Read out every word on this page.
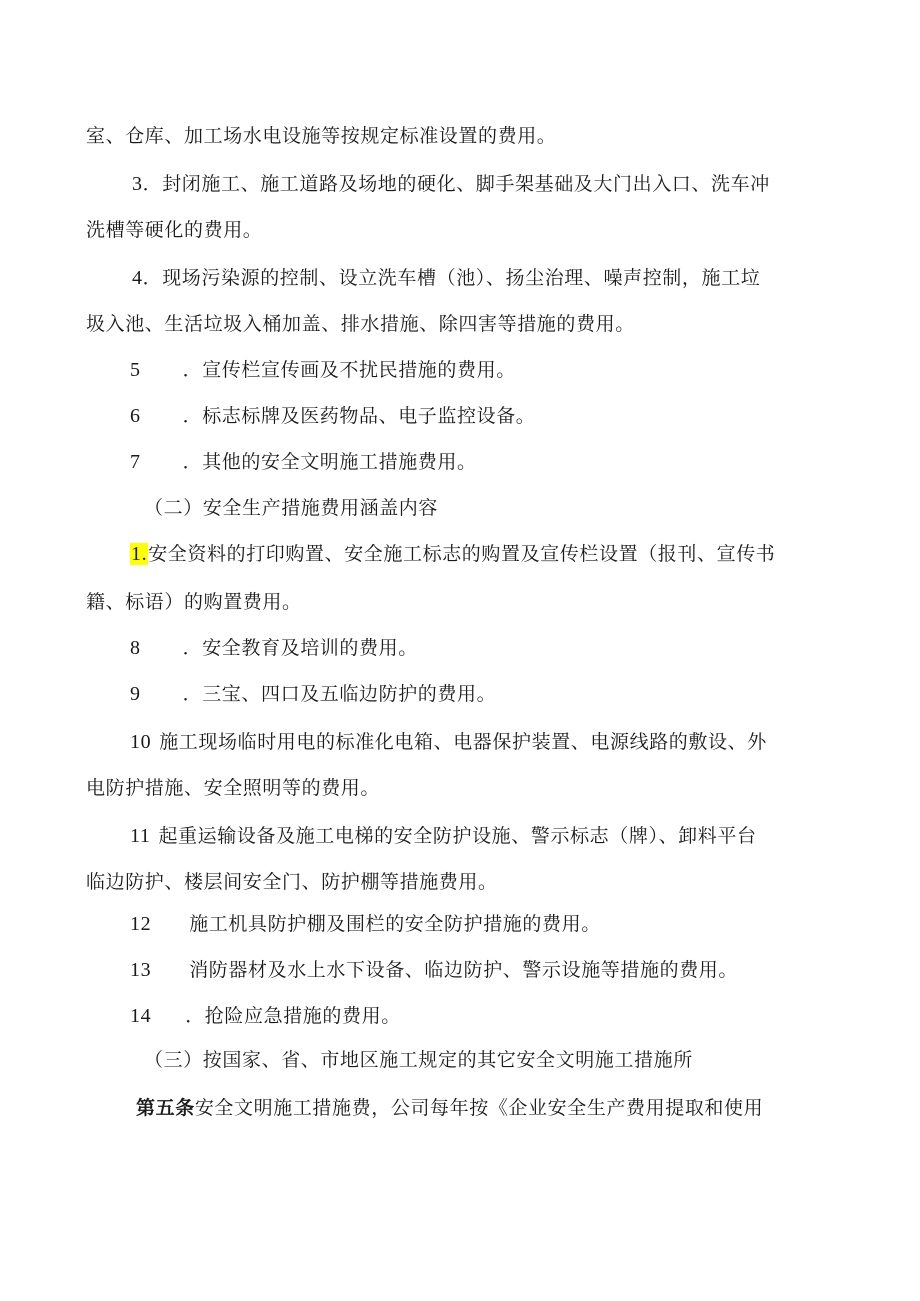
室、仓库、加工场水电设施等按规定标准设置的费用。
3．封闭施工、施工道路及场地的硬化、脚手架基础及大门出入口、洗车冲
洗槽等硬化的费用。
4．现场污染源的控制、设立洗车槽（池）、扬尘治理、噪声控制，施工垃
圾入池、生活垃圾入桶加盖、排水措施、除四害等措施的费用。
5 ．宣传栏宣传画及不扰民措施的费用。
6 ．标志标牌及医药物品、电子监控设备。
7 ．其他的安全文明施工措施费用。
（二）安全生产措施费用涵盖内容
1.安全资料的打印购置、安全施工标志的购置及宣传栏设置（报刊、宣传书
籍、标语）的购置费用。
8 ．安全教育及培训的费用。
9 ．三宝、四口及五临边防护的费用。
10 施工现场临时用电的标准化电箱、电器保护装置、电源线路的敷设、外
电防护措施、安全照明等的费用。
11 起重运输设备及施工电梯的安全防护设施、警示标志（牌）、卸料平台
临边防护、楼层间安全门、防护棚等措施费用。
12 施工机具防护棚及围栏的安全防护措施的费用。
13 消防器材及水上水下设备、临边防护、警示设施等措施的费用。
14 ．抢险应急措施的费用。
（三）按国家、省、市地区施工规定的其它安全文明施工措施所
第五条安全文明施工措施费，公司每年按《企业安全生产费用提取和使用
